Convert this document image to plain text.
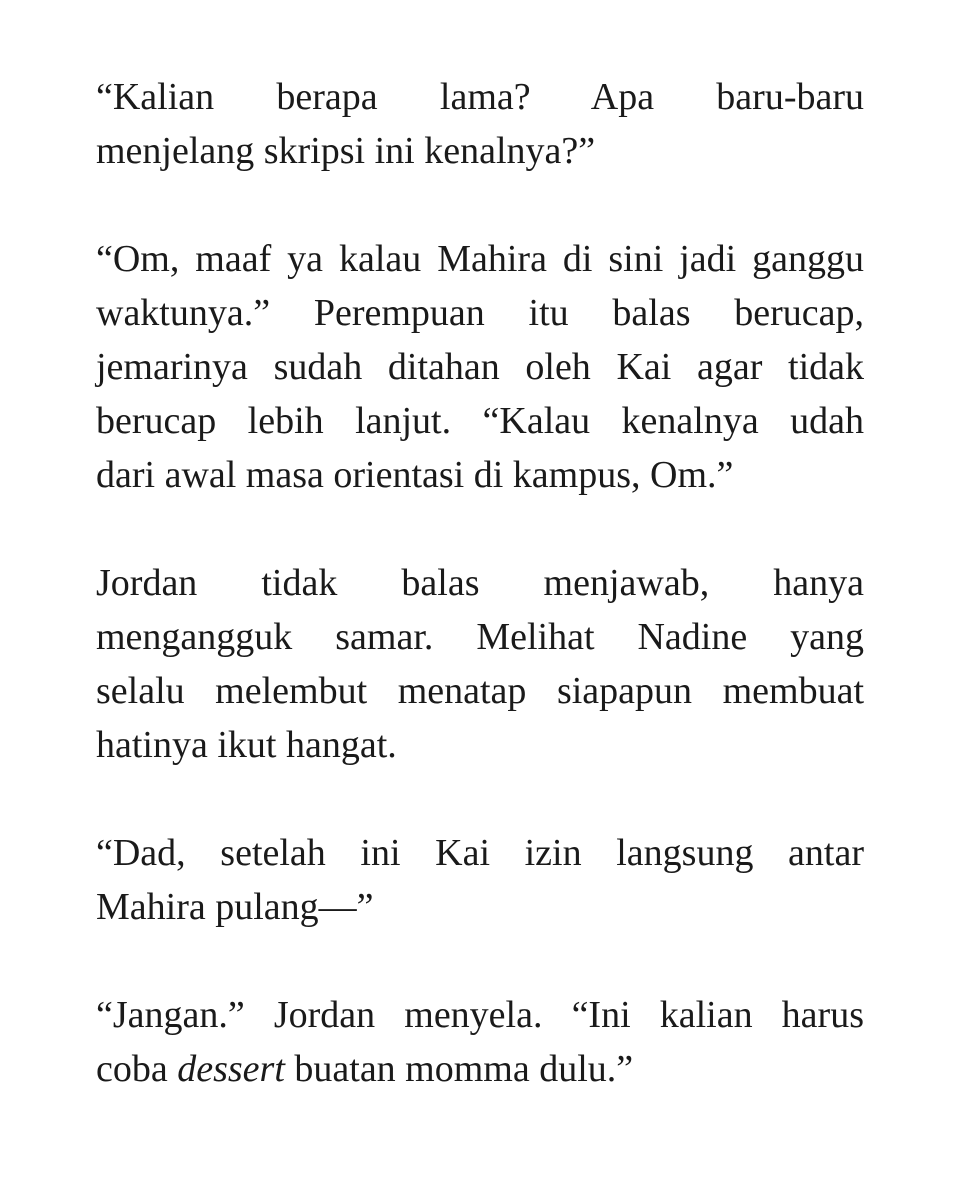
“Kalian berapa lama? Apa baru-baru
menjelang skripsi ini kenalnya?”

“Om, maaf ya kalau Mahira di sini jadi ganggu
waktunya.” Perempuan itu balas berucap,
jemarinya sudah ditahan oleh Kai agar tidak
berucap lebih lanjut. “Kalau kenalnya udah
dari awal masa orientasi di kampus, Om.”

Jordan tidak balas menjawab, hanya
mengangguk samar. Melihat Nadine yang
selalu melembut menatap siapapun membuat
hatinya ikut hangat.

“Dad, setelah ini Kai izin langsung antar
Mahira pulang—”

“Jangan.” Jordan menyela. “Ini kalian harus
coba dessert buatan momma dulu.”
